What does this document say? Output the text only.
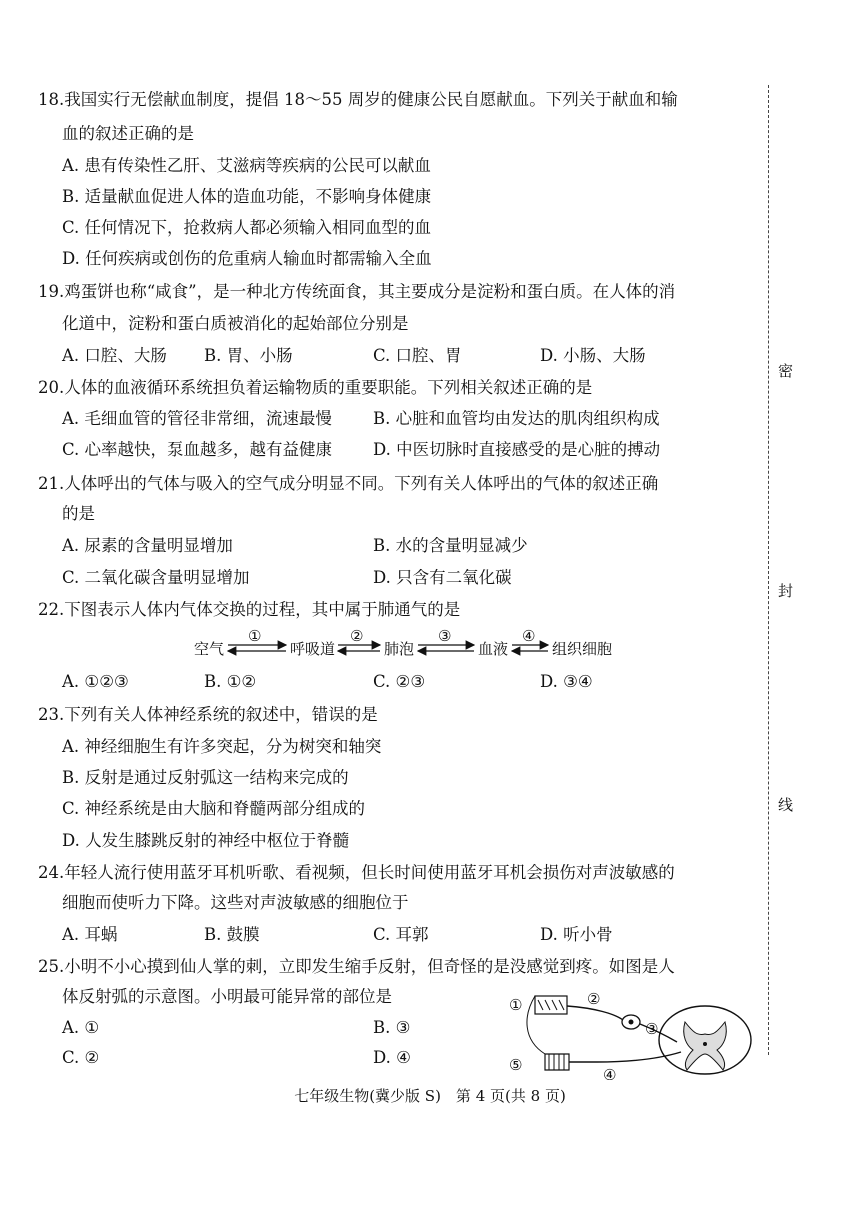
密
封
线
18.我国实行无偿献血制度，提倡 18～55 周岁的健康公民自愿献血。下列关于献血和输
血的叙述正确的是
A. 患有传染性乙肝、艾滋病等疾病的公民可以献血
B. 适量献血促进人体的造血功能，不影响身体健康
C. 任何情况下，抢救病人都必须输入相同血型的血
D. 任何疾病或创伤的危重病人输血时都需输入全血
19.鸡蛋饼也称“咸食”，是一种北方传统面食，其主要成分是淀粉和蛋白质。在人体的消
化道中，淀粉和蛋白质被消化的起始部位分别是
A. 口腔、大肠 B. 胃、小肠	C. 口腔、胃	D. 小肠、大肠
20.人体的血液循环系统担负着运输物质的重要职能。下列相关叙述正确的是
A. 毛细血管的管径非常细，流速最慢 B. 心脏和血管均由发达的肌肉组织构成
C. 心率越快，泵血越多，越有益健康 D. 中医切脉时直接感受的是心脏的搏动
21.人体呼出的气体与吸入的空气成分明显不同。下列有关人体呼出的气体的叙述正确
的是
A. 尿素的含量明显增加	B. 水的含量明显减少
C. 二氧化碳含量明显增加	D. 只含有二氧化碳
22.下图表示人体内气体交换的过程，其中属于肺通气的是
空气
①
呼吸道
②
肺泡
③
血液
④
组织细胞
A. ①②③	B. ①②	C. ②③	D. ③④
23.下列有关人体神经系统的叙述中，错误的是
A. 神经细胞生有许多突起，分为树突和轴突
B. 反射是通过反射弧这一结构来完成的
C. 神经系统是由大脑和脊髓两部分组成的
D. 人发生膝跳反射的神经中枢位于脊髓
24.年轻人流行使用蓝牙耳机听歌、看视频，但长时间使用蓝牙耳机会损伤对声波敏感的
细胞而使听力下降。这些对声波敏感的细胞位于
A. 耳蜗	B. 鼓膜	C. 耳郭	D. 听小骨
25.小明不小心摸到仙人掌的刺，立即发生缩手反射，但奇怪的是没感觉到疼。如图是人
体反射弧的示意图。小明最可能异常的部位是
A. ①	B. ③
C. ②	D. ④
①	②
③
④
⑤
七年级生物(冀少版 S)　第 4 页(共 8 页)
